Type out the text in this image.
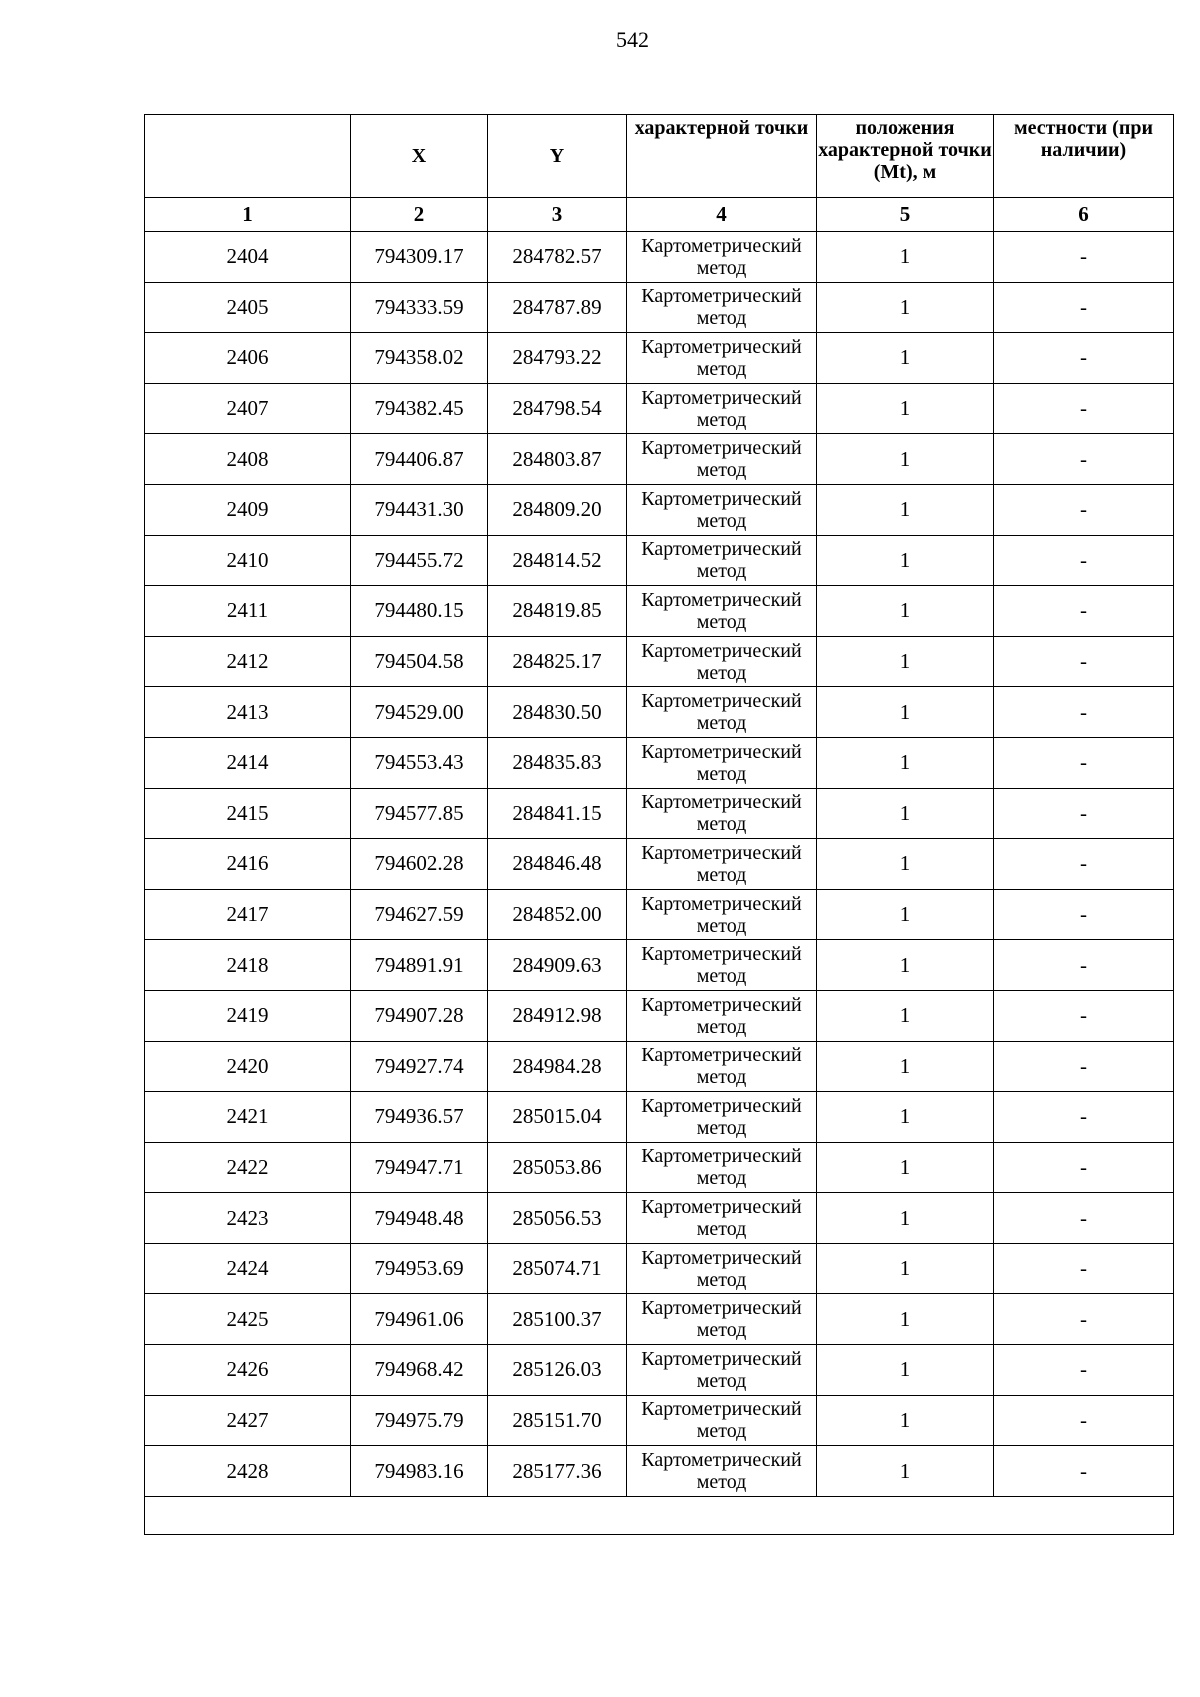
542
	X	Y	характерной точки	положения характерной точки (Mt), м	местности (при наличии)
1	2	3	4	5	6
2404	794309.17	284782.57	Картометрический метод	1	-
2405	794333.59	284787.89	Картометрический метод	1	-
2406	794358.02	284793.22	Картометрический метод	1	-
2407	794382.45	284798.54	Картометрический метод	1	-
2408	794406.87	284803.87	Картометрический метод	1	-
2409	794431.30	284809.20	Картометрический метод	1	-
2410	794455.72	284814.52	Картометрический метод	1	-
2411	794480.15	284819.85	Картометрический метод	1	-
2412	794504.58	284825.17	Картометрический метод	1	-
2413	794529.00	284830.50	Картометрический метод	1	-
2414	794553.43	284835.83	Картометрический метод	1	-
2415	794577.85	284841.15	Картометрический метод	1	-
2416	794602.28	284846.48	Картометрический метод	1	-
2417	794627.59	284852.00	Картометрический метод	1	-
2418	794891.91	284909.63	Картометрический метод	1	-
2419	794907.28	284912.98	Картометрический метод	1	-
2420	794927.74	284984.28	Картометрический метод	1	-
2421	794936.57	285015.04	Картометрический метод	1	-
2422	794947.71	285053.86	Картометрический метод	1	-
2423	794948.48	285056.53	Картометрический метод	1	-
2424	794953.69	285074.71	Картометрический метод	1	-
2425	794961.06	285100.37	Картометрический метод	1	-
2426	794968.42	285126.03	Картометрический метод	1	-
2427	794975.79	285151.70	Картометрический метод	1	-
2428	794983.16	285177.36	Картометрический метод	1	-
